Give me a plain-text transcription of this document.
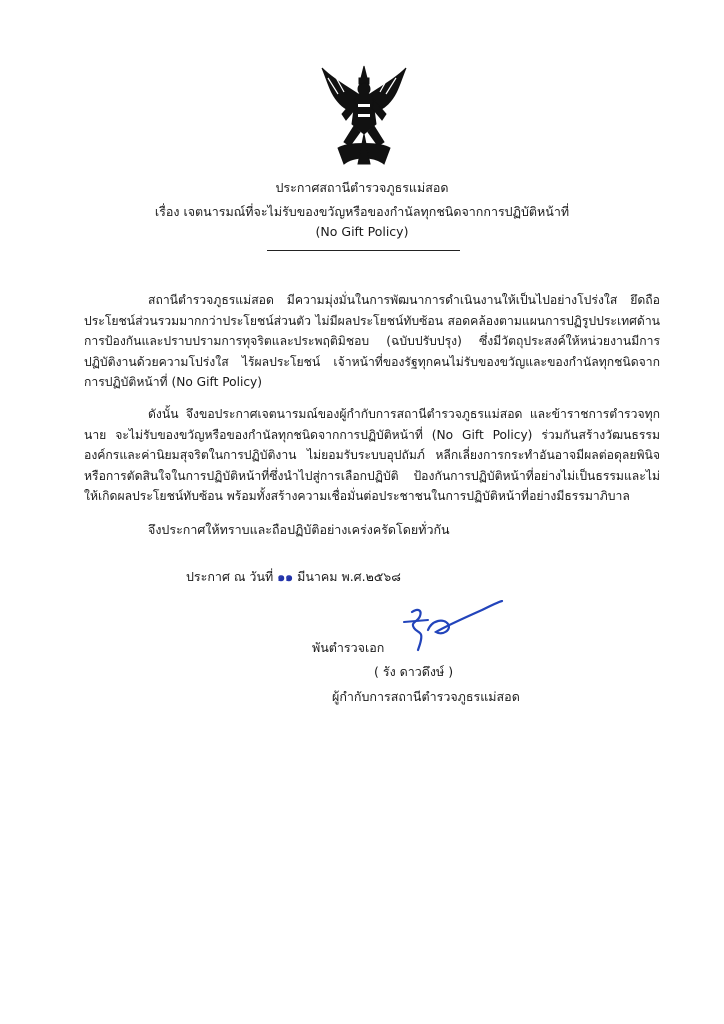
ประกาศสถานีตำรวจภูธรแม่สอด
เรื่อง เจตนารมณ์ที่จะไม่รับของขวัญหรือของกำนัลทุกชนิดจากการปฏิบัติหน้าที่
(No Gift Policy)
สถานีตำรวจภูธรแม่สอด มีความมุ่งมั่นในการพัฒนาการดำเนินงานให้เป็นไปอย่างโปร่งใส ยึดถือประโยชน์ส่วนรวมมากกว่าประโยชน์ส่วนตัว ไม่มีผลประโยชน์ทับซ้อน สอดคล้องตามแผนการปฏิรูปประเทศด้านการป้องกันและปราบปรามการทุจริตและประพฤติมิชอบ (ฉบับปรับปรุง) ซึ่งมีวัตถุประสงค์ให้หน่วยงานมีการปฏิบัติงานด้วยความโปร่งใส ไร้ผลประโยชน์ เจ้าหน้าที่ของรัฐทุกคนไม่รับของขวัญและของกำนัลทุกชนิดจากการปฏิบัติหน้าที่ (No Gift Policy)
ดังนั้น จึงขอประกาศเจตนารมณ์ของผู้กำกับการสถานีตำรวจภูธรแม่สอด และข้าราชการตำรวจทุกนาย จะไม่รับของขวัญหรือของกำนัลทุกชนิดจากการปฏิบัติหน้าที่ (No Gift Policy) ร่วมกันสร้างวัฒนธรรมองค์กรและค่านิยมสุจริตในการปฏิบัติงาน ไม่ยอมรับระบบอุปถัมภ์ หลีกเลี่ยงการกระทำอันอาจมีผลต่อดุลยพินิจหรือการตัดสินใจในการปฏิบัติหน้าที่ซึ่งนำไปสู่การเลือกปฏิบัติ ป้องกันการปฏิบัติหน้าที่อย่างไม่เป็นธรรมและไม่ให้เกิดผลประโยชน์ทับซ้อน พร้อมทั้งสร้างความเชื่อมั่นต่อประชาชนในการปฏิบัติหน้าที่อย่างมีธรรมาภิบาล
จึงประกาศให้ทราบและถือปฏิบัติอย่างเคร่งครัดโดยทั่วกัน
ประกาศ ณ วันที่ ๑๑ มีนาคม พ.ศ.๒๕๖๘
พันตำรวจเอก
( รัง ดาวดึงษ์ )
ผู้กำกับการสถานีตำรวจภูธรแม่สอด
